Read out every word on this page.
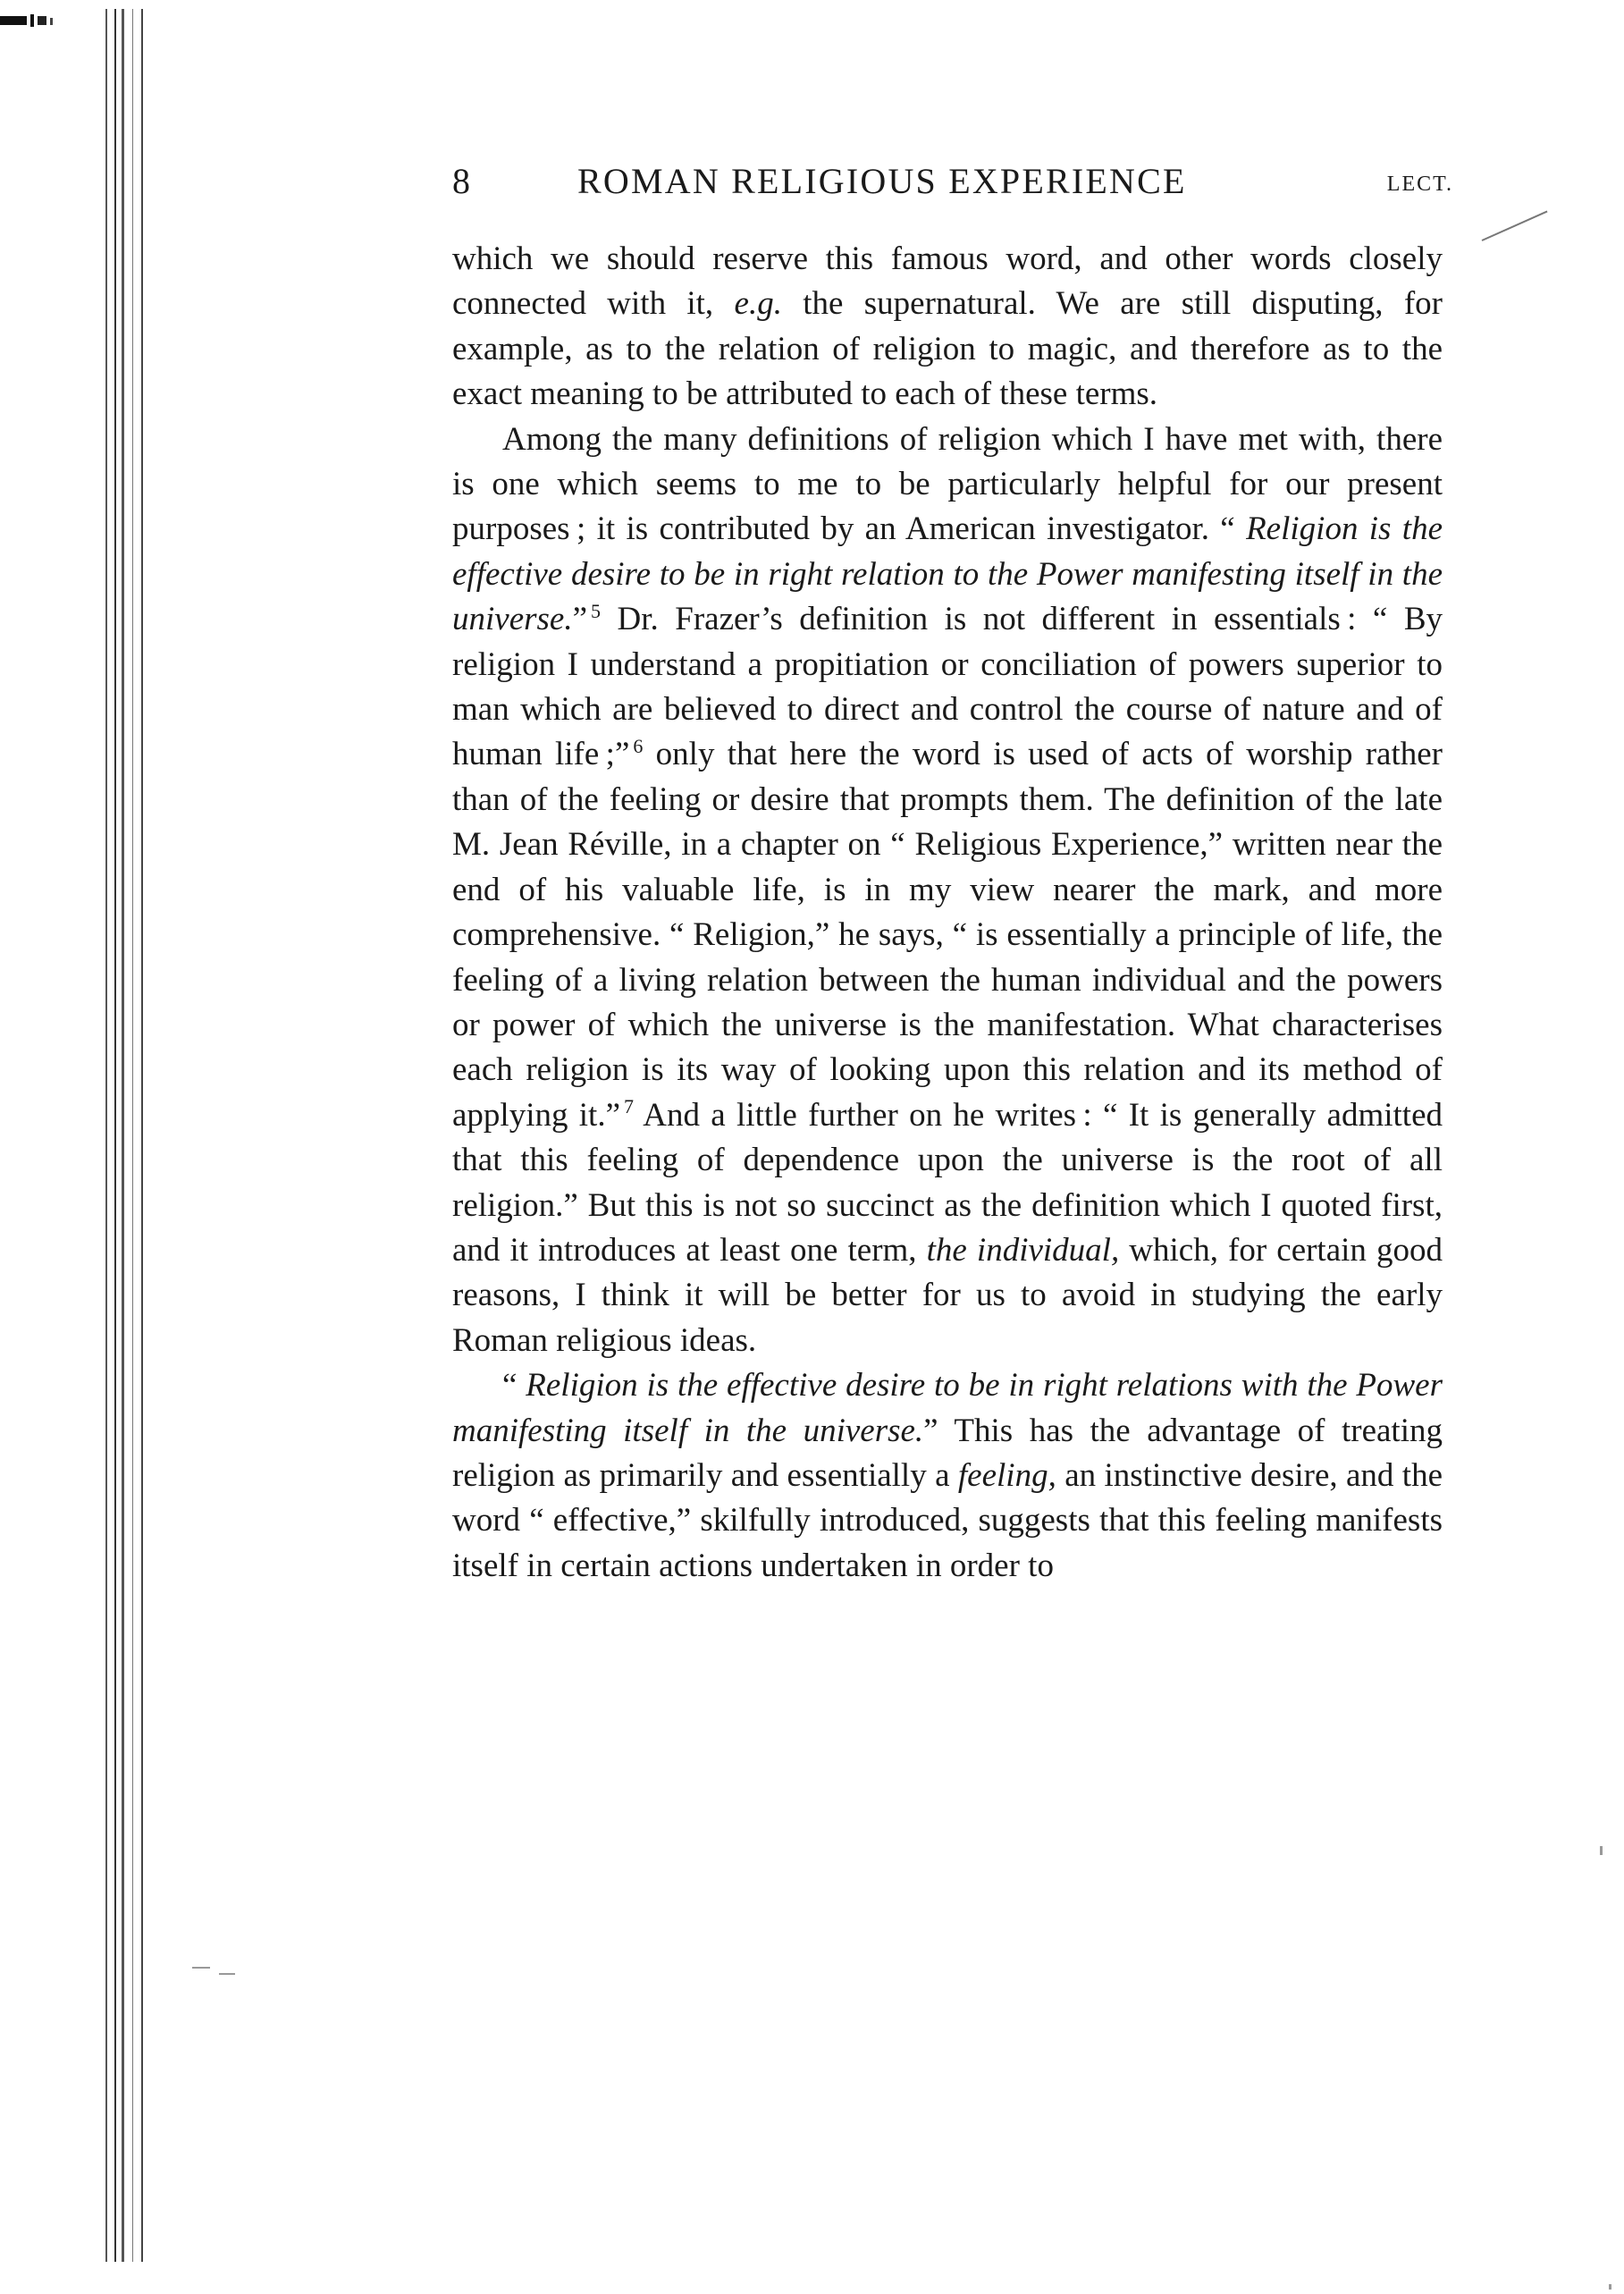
8	ROMAN RELIGIOUS EXPERIENCE	LECT.

which we should reserve this famous word, and other words closely connected with it, e.g. the supernatural. We are still disputing, for example, as to the relation of religion to magic, and therefore as to the exact meaning to be attributed to each of these terms.

Among the many definitions of religion which I have met with, there is one which seems to me to be particularly helpful for our present purposes ; it is contributed by an American investigator. “ Religion is the effective desire to be in right relation to the Power manifesting itself in the universe.” $^5$ Dr. Frazer’s definition is not different in essentials : “ By religion I understand a propitiation or conciliation of powers superior to man which are believed to direct and control the course of nature and of human life ;” $^6$ only that here the word is used of acts of worship rather than of the feeling or desire that prompts them. The definition of the late M. Jean Réville, in a chapter on “ Religious Experience,” written near the end of his valuable life, is in my view nearer the mark, and more comprehensive. “ Religion,” he says, “ is essentially a principle of life, the feeling of a living relation between the human individual and the powers or power of which the universe is the manifestation. What characterises each religion is its way of looking upon this relation and its method of applying it.” $^7$ And a little further on he writes : “ It is generally admitted that this feeling of dependence upon the universe is the root of all religion.” But this is not so succinct as the definition which I quoted first, and it introduces at least one term, the individual, which, for certain good reasons, I think it will be better for us to avoid in studying the early Roman religious ideas.

“ Religion is the effective desire to be in right relations with the Power manifesting itself in the universe.” This has the advantage of treating religion as primarily and essentially a feeling, an instinctive desire, and the word “ effective,” skilfully introduced, suggests that this feeling manifests itself in certain actions undertaken in order to
